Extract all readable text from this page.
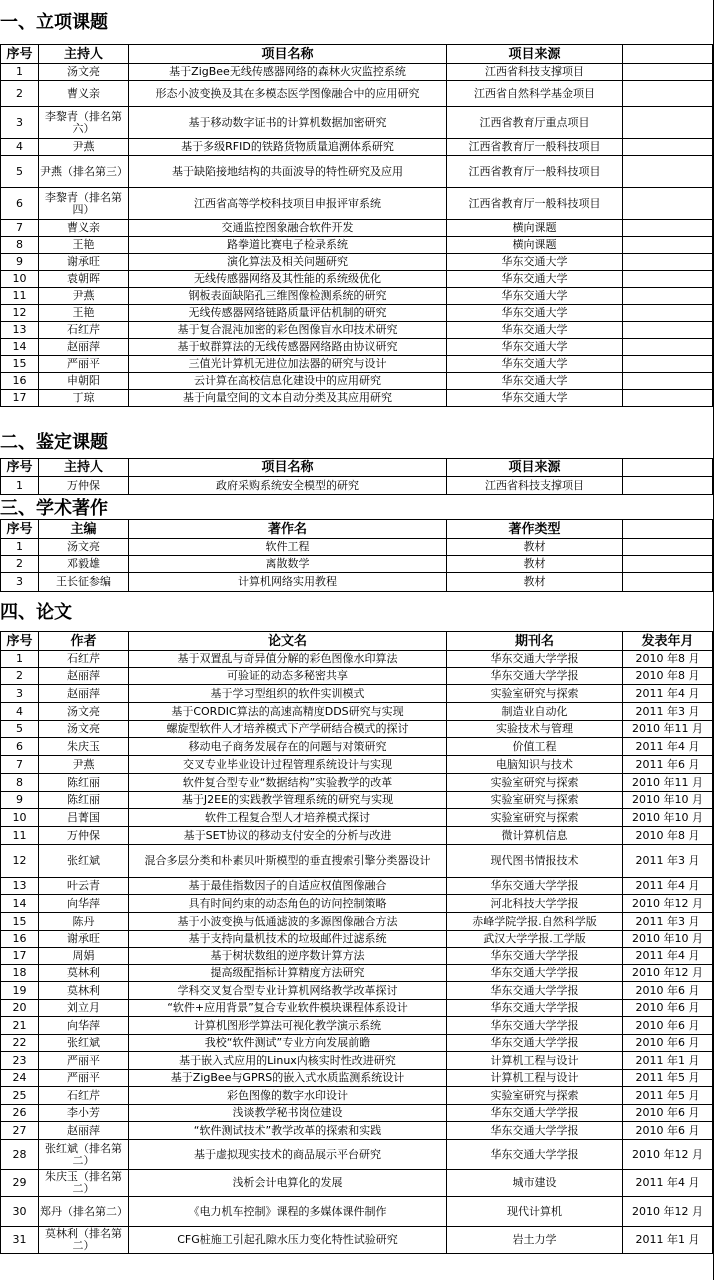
一、立项课题
序号	主持人	项目名称	项目来源	
1	汤文亮	基于ZigBee无线传感器网络的森林火灾监控系统	江西省科技支撑项目	
2	曹义亲	形态小波变换及其在多模态医学图像融合中的应用研究	江西省自然科学基金项目	
3	李黎青（排名第六）	基于移动数字证书的计算机数据加密研究	江西省教育厅重点项目	
4	尹燕	基于多级RFID的铁路货物质量追溯体系研究	江西省教育厅一般科技项目	
5	尹燕（排名第三）	基于缺陷接地结构的共面波导的特性研究及应用	江西省教育厅一般科技项目	
6	李黎青（排名第四）	江西省高等学校科技项目申报评审系统	江西省教育厅一般科技项目	
7	曹义亲	交通监控图象融合软件开发	横向课题	
8	王艳	路拳道比赛电子检录系统	横向课题	
9	谢承旺	演化算法及相关问题研究	华东交通大学	
10	袁朝晖	无线传感器网络及其性能的系统级优化	华东交通大学	
11	尹燕	钢板表面缺陷孔三维图像检测系统的研究	华东交通大学	
12	王艳	无线传感器网络链路质量评估机制的研究	华东交通大学	
13	石红芹	基于复合混沌加密的彩色图像盲水印技术研究	华东交通大学	
14	赵丽萍	基于蚁群算法的无线传感器网络路由协议研究	华东交通大学	
15	严丽平	三值光计算机无进位加法器的研究与设计	华东交通大学	
16	申朝阳	云计算在高校信息化建设中的应用研究	华东交通大学	
17	丁琼	基于向量空间的文本自动分类及其应用研究	华东交通大学	
二、鉴定课题
序号	主持人	项目名称	项目来源	
1	万仲保	政府采购系统安全模型的研究	江西省科技支撑项目	
三、学术著作
序号	主编	著作名	著作类型	
1	汤文亮	软件工程	教材	
2	邓毅雄	离散数学	教材	
3	王长征参编	计算机网络实用教程	教材	
四、论文
序号	作者	论文名	期刊名	发表年月
1	石红芹	基于双置乱与奇异值分解的彩色图像水印算法	华东交通大学学报	2010 年8 月
2	赵丽萍	可验证的动态多秘密共享	华东交通大学学报	2010 年8 月
3	赵丽萍	基于学习型组织的软件实训模式	实验室研究与探索	2011 年4 月
4	汤文亮	基于CORDIC算法的高速高精度DDS研究与实现	制造业自动化	2011 年3 月
5	汤文亮	螺旋型软件人才培养模式下产学研结合模式的探讨	实验技术与管理	2010 年11 月
6	朱庆玉	移动电子商务发展存在的问题与对策研究	价值工程	2011 年4 月
7	尹燕	交叉专业毕业设计过程管理系统设计与实现	电脑知识与技术	2011 年6 月
8	陈红丽	软件复合型专业“数据结构”实验教学的改革	实验室研究与探索	2010 年11 月
9	陈红丽	基于J2EE的实践教学管理系统的研究与实现	实验室研究与探索	2010 年10 月
10	吕菁国	软件工程复合型人才培养模式探讨	实验室研究与探索	2010 年10 月
11	万仲保	基于SET协议的移动支付安全的分析与改进	微计算机信息	2010 年8 月
12	张红斌	混合多层分类和朴素贝叶斯模型的垂直搜索引擎分类器设计	现代图书情报技术	2011 年3 月
13	叶云青	基于最佳指数因子的自适应权值图像融合	华东交通大学学报	2011 年4 月
14	向华萍	具有时间约束的动态角色的访问控制策略	河北科技大学学报	2010 年12 月
15	陈丹	基于小波变换与低通滤波的多源图像融合方法	赤峰学院学报.自然科学版	2011 年3 月
16	谢承旺	基于支持向量机技术的垃圾邮件过滤系统	武汉大学学报.工学版	2010 年10 月
17	周娟	基于树状数组的逆序数计算方法	华东交通大学学报	2011 年4 月
18	莫林利	提高级配指标计算精度方法研究	华东交通大学学报	2010 年12 月
19	莫林利	学科交叉复合型专业计算机网络教学改革探讨	华东交通大学学报	2010 年6 月
20	刘立月	“软件+应用背景”复合专业软件模块课程体系设计	华东交通大学学报	2010 年6 月
21	向华萍	计算机图形学算法可视化教学演示系统	华东交通大学学报	2010 年6 月
22	张红斌	我校“软件测试”专业方向发展前瞻	华东交通大学学报	2010 年6 月
23	严丽平	基于嵌入式应用的Linux内核实时性改进研究	计算机工程与设计	2011 年1 月
24	严丽平	基于ZigBee与GPRS的嵌入式水质监测系统设计	计算机工程与设计	2011 年5 月
25	石红芹	彩色图像的数字水印设计	实验室研究与探索	2011 年5 月
26	李小芳	浅谈教学秘书岗位建设	华东交通大学学报	2010 年6 月
27	赵丽萍	“软件测试技术”教学改革的探索和实践	华东交通大学学报	2010 年6 月
28	张红斌（排名第二）	基于虚拟现实技术的商品展示平台研究	华东交通大学学报	2010 年12 月
29	朱庆玉（排名第二）	浅析会计电算化的发展	城市建设	2011 年4 月
30	郑丹（排名第二）	《电力机车控制》课程的多媒体课件制作	现代计算机	2010 年12 月
31	莫林利（排名第二）	CFG桩施工引起孔隙水压力变化特性试验研究	岩土力学	2011 年1 月
